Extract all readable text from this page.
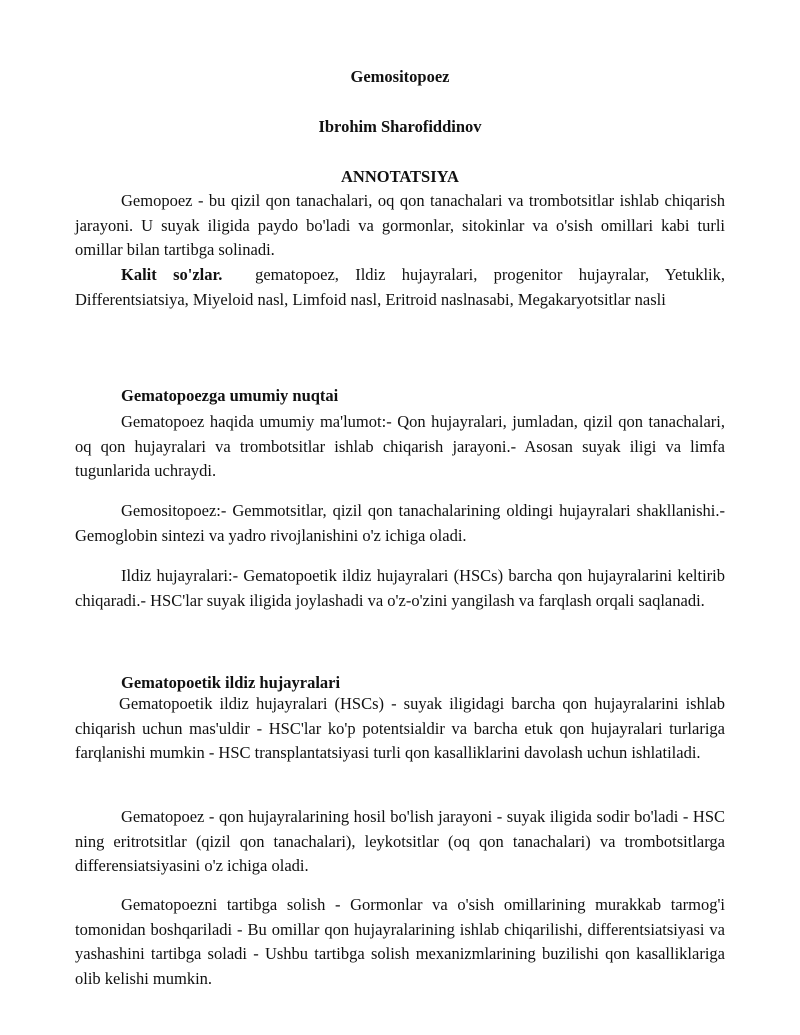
Gemositopoez

Ibrohim Sharofiddinov

ANNOTATSIYA

Gemopoez - bu qizil qon tanachalari, oq qon tanachalari va trombotsitlar ishlab chiqarish jarayoni. U suyak iligida paydo bo'ladi va gormonlar, sitokinlar va o'sish omillari kabi turli omillar bilan tartibga solinadi.

Kalit so'zlar. gematopoez, Ildiz hujayralari, progenitor hujayralar, Yetuklik, Differentsiatsiya, Miyeloid nasl, Limfoid nasl, Eritroid naslnasabi, Megakaryotsitlar nasli

Gematopoezga umumiy nuqtai

Gematopoez haqida umumiy ma'lumot:- Qon hujayralari, jumladan, qizil qon tanachalari, oq qon hujayralari va trombotsitlar ishlab chiqarish jarayoni.- Asosan suyak iligi va limfa tugunlarida uchraydi.

Gemositopoez:- Gemmotsitlar, qizil qon tanachalarining oldingi hujayralari shakllanishi.- Gemoglobin sintezi va yadro rivojlanishini o'z ichiga oladi.

Ildiz hujayralari:- Gematopoetik ildiz hujayralari (HSCs) barcha qon hujayralarini keltirib chiqaradi.- HSC'lar suyak iligida joylashadi va o'z-o'zini yangilash va farqlash orqali saqlanadi.

Gematopoetik ildiz hujayralari

Gematopoetik ildiz hujayralari (HSCs) - suyak iligidagi barcha qon hujayralarini ishlab chiqarish uchun mas'uldir - HSC'lar ko'p potentsialdir va barcha etuk qon hujayralari turlariga farqlanishi mumkin - HSC transplantatsiyasi turli qon kasalliklarini davolash uchun ishlatiladi.

Gematopoez - qon hujayralarining hosil bo'lish jarayoni - suyak iligida sodir bo'ladi - HSC ning eritrotsitlar (qizil qon tanachalari), leykotsitlar (oq qon tanachalari) va trombotsitlarga differensiatsiyasini o'z ichiga oladi.

Gematopoezni tartibga solish - Gormonlar va o'sish omillarining murakkab tarmog'i tomonidan boshqariladi - Bu omillar qon hujayralarining ishlab chiqarilishi, differentsiatsiyasi va yashashini tartibga soladi - Ushbu tartibga solish mexanizmlarining buzilishi qon kasalliklariga olib kelishi mumkin.
